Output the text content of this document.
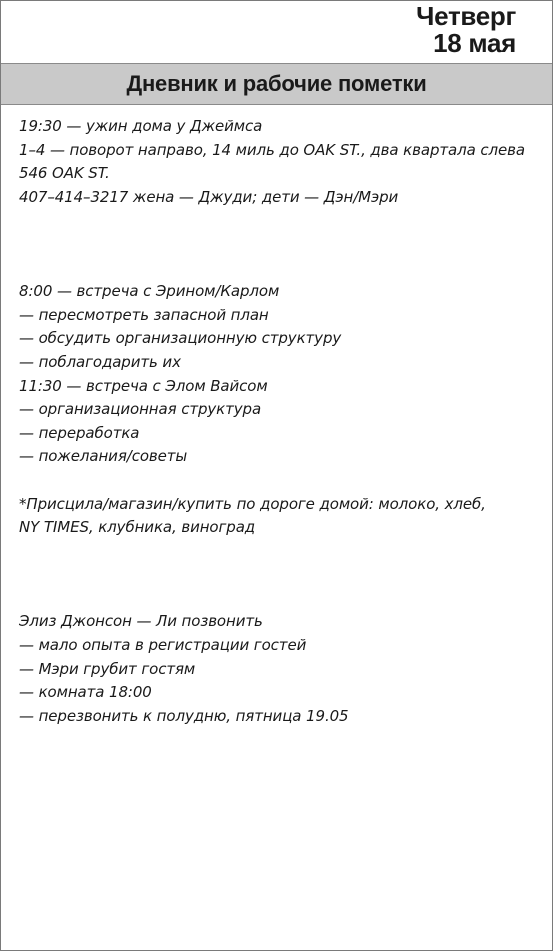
Четверг
18 мая
Дневник и рабочие пометки
19:30 — ужин дома у Джеймса
1–4 — поворот направо, 14 миль до OAK ST., два квартала слева
546 OAK ST.
407–414–3217 жена — Джуди; дети — Дэн/Мэри
8:00 — встреча с Эрином/Карлом
— пересмотреть запасной план
— обсудить организационную структуру
— поблагодарить их
11:30 — встреча с Элом Вайсом
— организационная структура
— переработка
— пожелания/советы
*Присцила/магазин/купить по дороге домой: молоко, хлеб,
NY TIMES, клубника, виноград
Элиз Джонсон — Ли позвонить
— мало опыта в регистрации гостей
— Мэри грубит гостям
— комната 18:00
— перезвонить к полудню, пятница 19.05
